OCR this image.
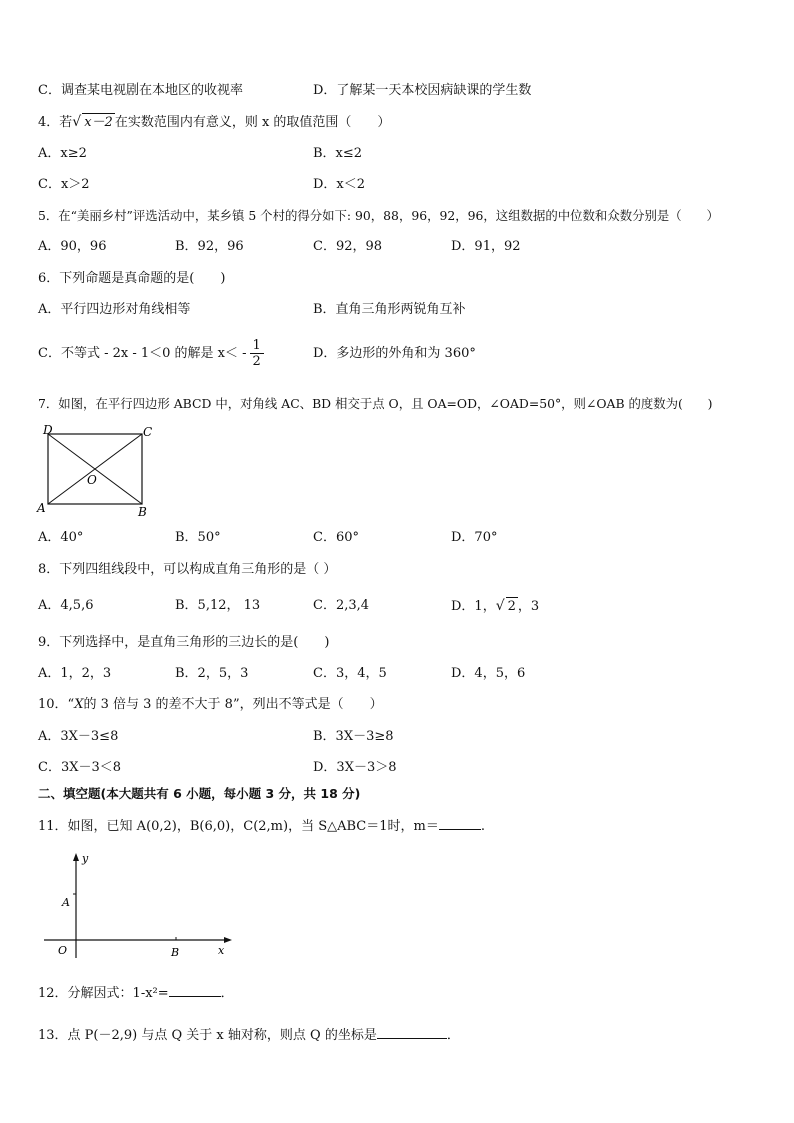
C．调查某电视剧在本地区的收视率	D．了解某一天本校因病缺课的学生数
4．若√ x－2 在实数范围内有意义，则 x 的取值范围（　　）
A．x≥2	B．x≤2
C．x＞2	D．x＜2
5．在“美丽乡村”评选活动中，某乡镇 5 个村的得分如下: 90，88，96，92，96，这组数据的中位数和众数分别是（　　）
A．90，96	B．92，96	C．92，98	D．91，92
6．下列命题是真命题的是(　　)
A．平行四边形对角线相等	B．直角三角形两锐角互补
C．不等式 - 2x - 1＜0 的解是 $x< - \frac{1}{2}$	D．多边形的外角和为 360°
7．如图，在平行四边形 ABCD 中，对角线 AC、BD 相交于点 O，且 OA=OD，∠OAD=50°，则∠OAB 的度数为(　　)
D	C
A	B
O
A．40°	B．50°	C．60°	D．70°
8．下列四组线段中，可以构成直角三角形的是（ ）
A．4,5,6	B．5,12， 13	C．2,3,4	D．1，√ 2 ，3
9．下列选择中，是直角三角形的三边长的是(　　)
A．1，2，3	B．2，5，3	C．3，4，5	D．4，5，6
10．“X的 3 倍与 3 的差不大于 8”，列出不等式是（　　）
A．3X－3≤8	B．3X－3≥8
C．3X－3＜8	D．3X－3＞8
二、填空题(本大题共有 6 小题，每小题 3 分，共 18 分)
11．如图，已知 A(0,2)，B(6,0)，C(2,m)，当 S△ABC＝1时，m＝	.
y
x
A
O	B
12．分解因式：1-x²=	．
13．点 P(－2,9) 与点 Q 关于 x 轴对称，则点 Q 的坐标是	．
